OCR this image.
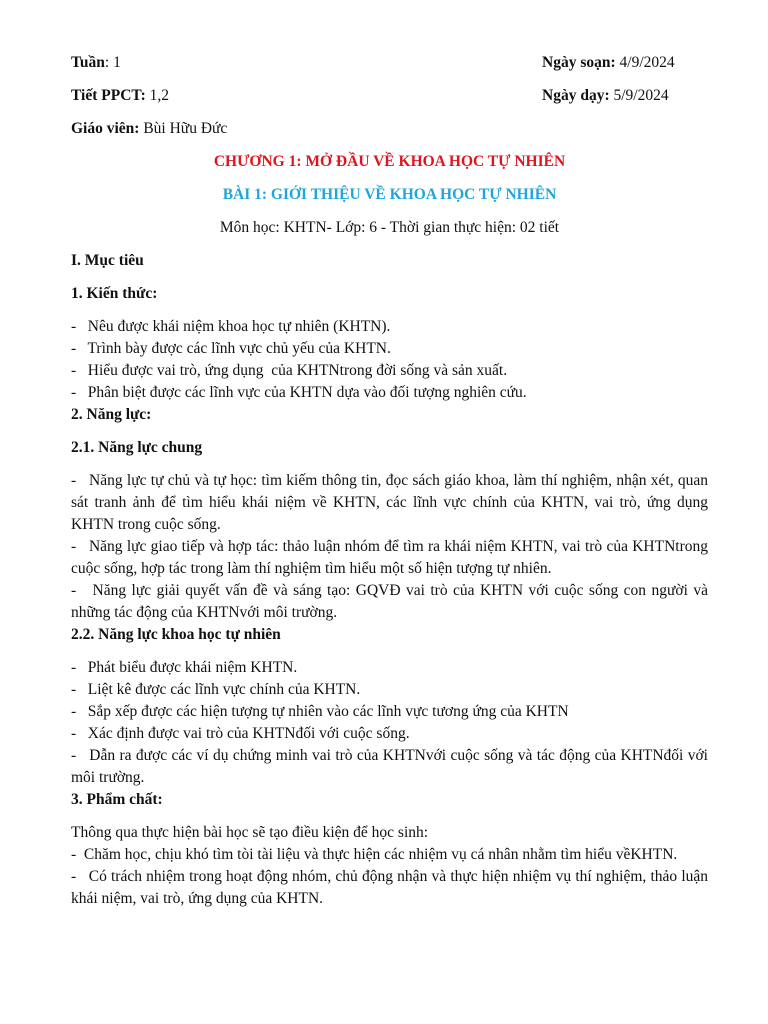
Tuần: 1	Ngày soạn: 4/9/2024
Tiết PPCT: 1,2	Ngày dạy: 5/9/2024
Giáo viên: Bùi Hữu Đức
CHƯƠNG 1: MỞ ĐẦU VỀ KHOA HỌC TỰ NHIÊN
BÀI 1: GIỚI THIỆU VỀ KHOA HỌC TỰ NHIÊN
Môn học: KHTN- Lớp: 6 - Thời gian thực hiện: 02 tiết
I. Mục tiêu
1. Kiến thức:
-   Nêu được khái niệm khoa học tự nhiên (KHTN).
-   Trình bày được các lĩnh vực chủ yếu của KHTN.
-   Hiểu được vai trò, ứng dụng  của KHTNtrong đời sống và sản xuất.
-   Phân biệt được các lĩnh vực của KHTN dựa vào đối tượng nghiên cứu.
2. Năng lực:
2.1. Năng lực chung
-   Năng lực tự chủ và tự học: tìm kiếm thông tin, đọc sách giáo khoa, làm thí nghiệm, nhận xét, quan sát tranh ảnh để tìm hiểu khái niệm về KHTN, các lĩnh vực chính của KHTN, vai trò, ứng dụng KHTN trong cuộc sống.
-   Năng lực giao tiếp và hợp tác: thảo luận nhóm để tìm ra khái niệm KHTN, vai trò của KHTNtrong cuộc sống, hợp tác trong làm thí nghiệm tìm hiểu một số hiện tượng tự nhiên.
-   Năng lực giải quyết vấn đề và sáng tạo: GQVĐ vai trò của KHTN với cuộc sống con người và những tác động của KHTNvới môi trường.
2.2. Năng lực khoa học tự nhiên
-   Phát biểu được khái niệm KHTN.
-   Liệt kê được các lĩnh vực chính của KHTN.
-   Sắp xếp được các hiện tượng tự nhiên vào các lĩnh vực tương ứng của KHTN
-   Xác định được vai trò của KHTNđối với cuộc sống.
-   Dẫn ra được các ví dụ chứng minh vai trò của KHTNvới cuộc sống và tác động của KHTNđối với môi trường.
3. Phẩm chất:
Thông qua thực hiện bài học sẽ tạo điều kiện để học sinh:
-  Chăm học, chịu khó tìm tòi tài liệu và thực hiện các nhiệm vụ cá nhân nhằm tìm hiểu vềKHTN.
-   Có trách nhiệm trong hoạt động nhóm, chủ động nhận và thực hiện nhiệm vụ thí nghiệm, thảo luận khái niệm, vai trò, ứng dụng của KHTN.
